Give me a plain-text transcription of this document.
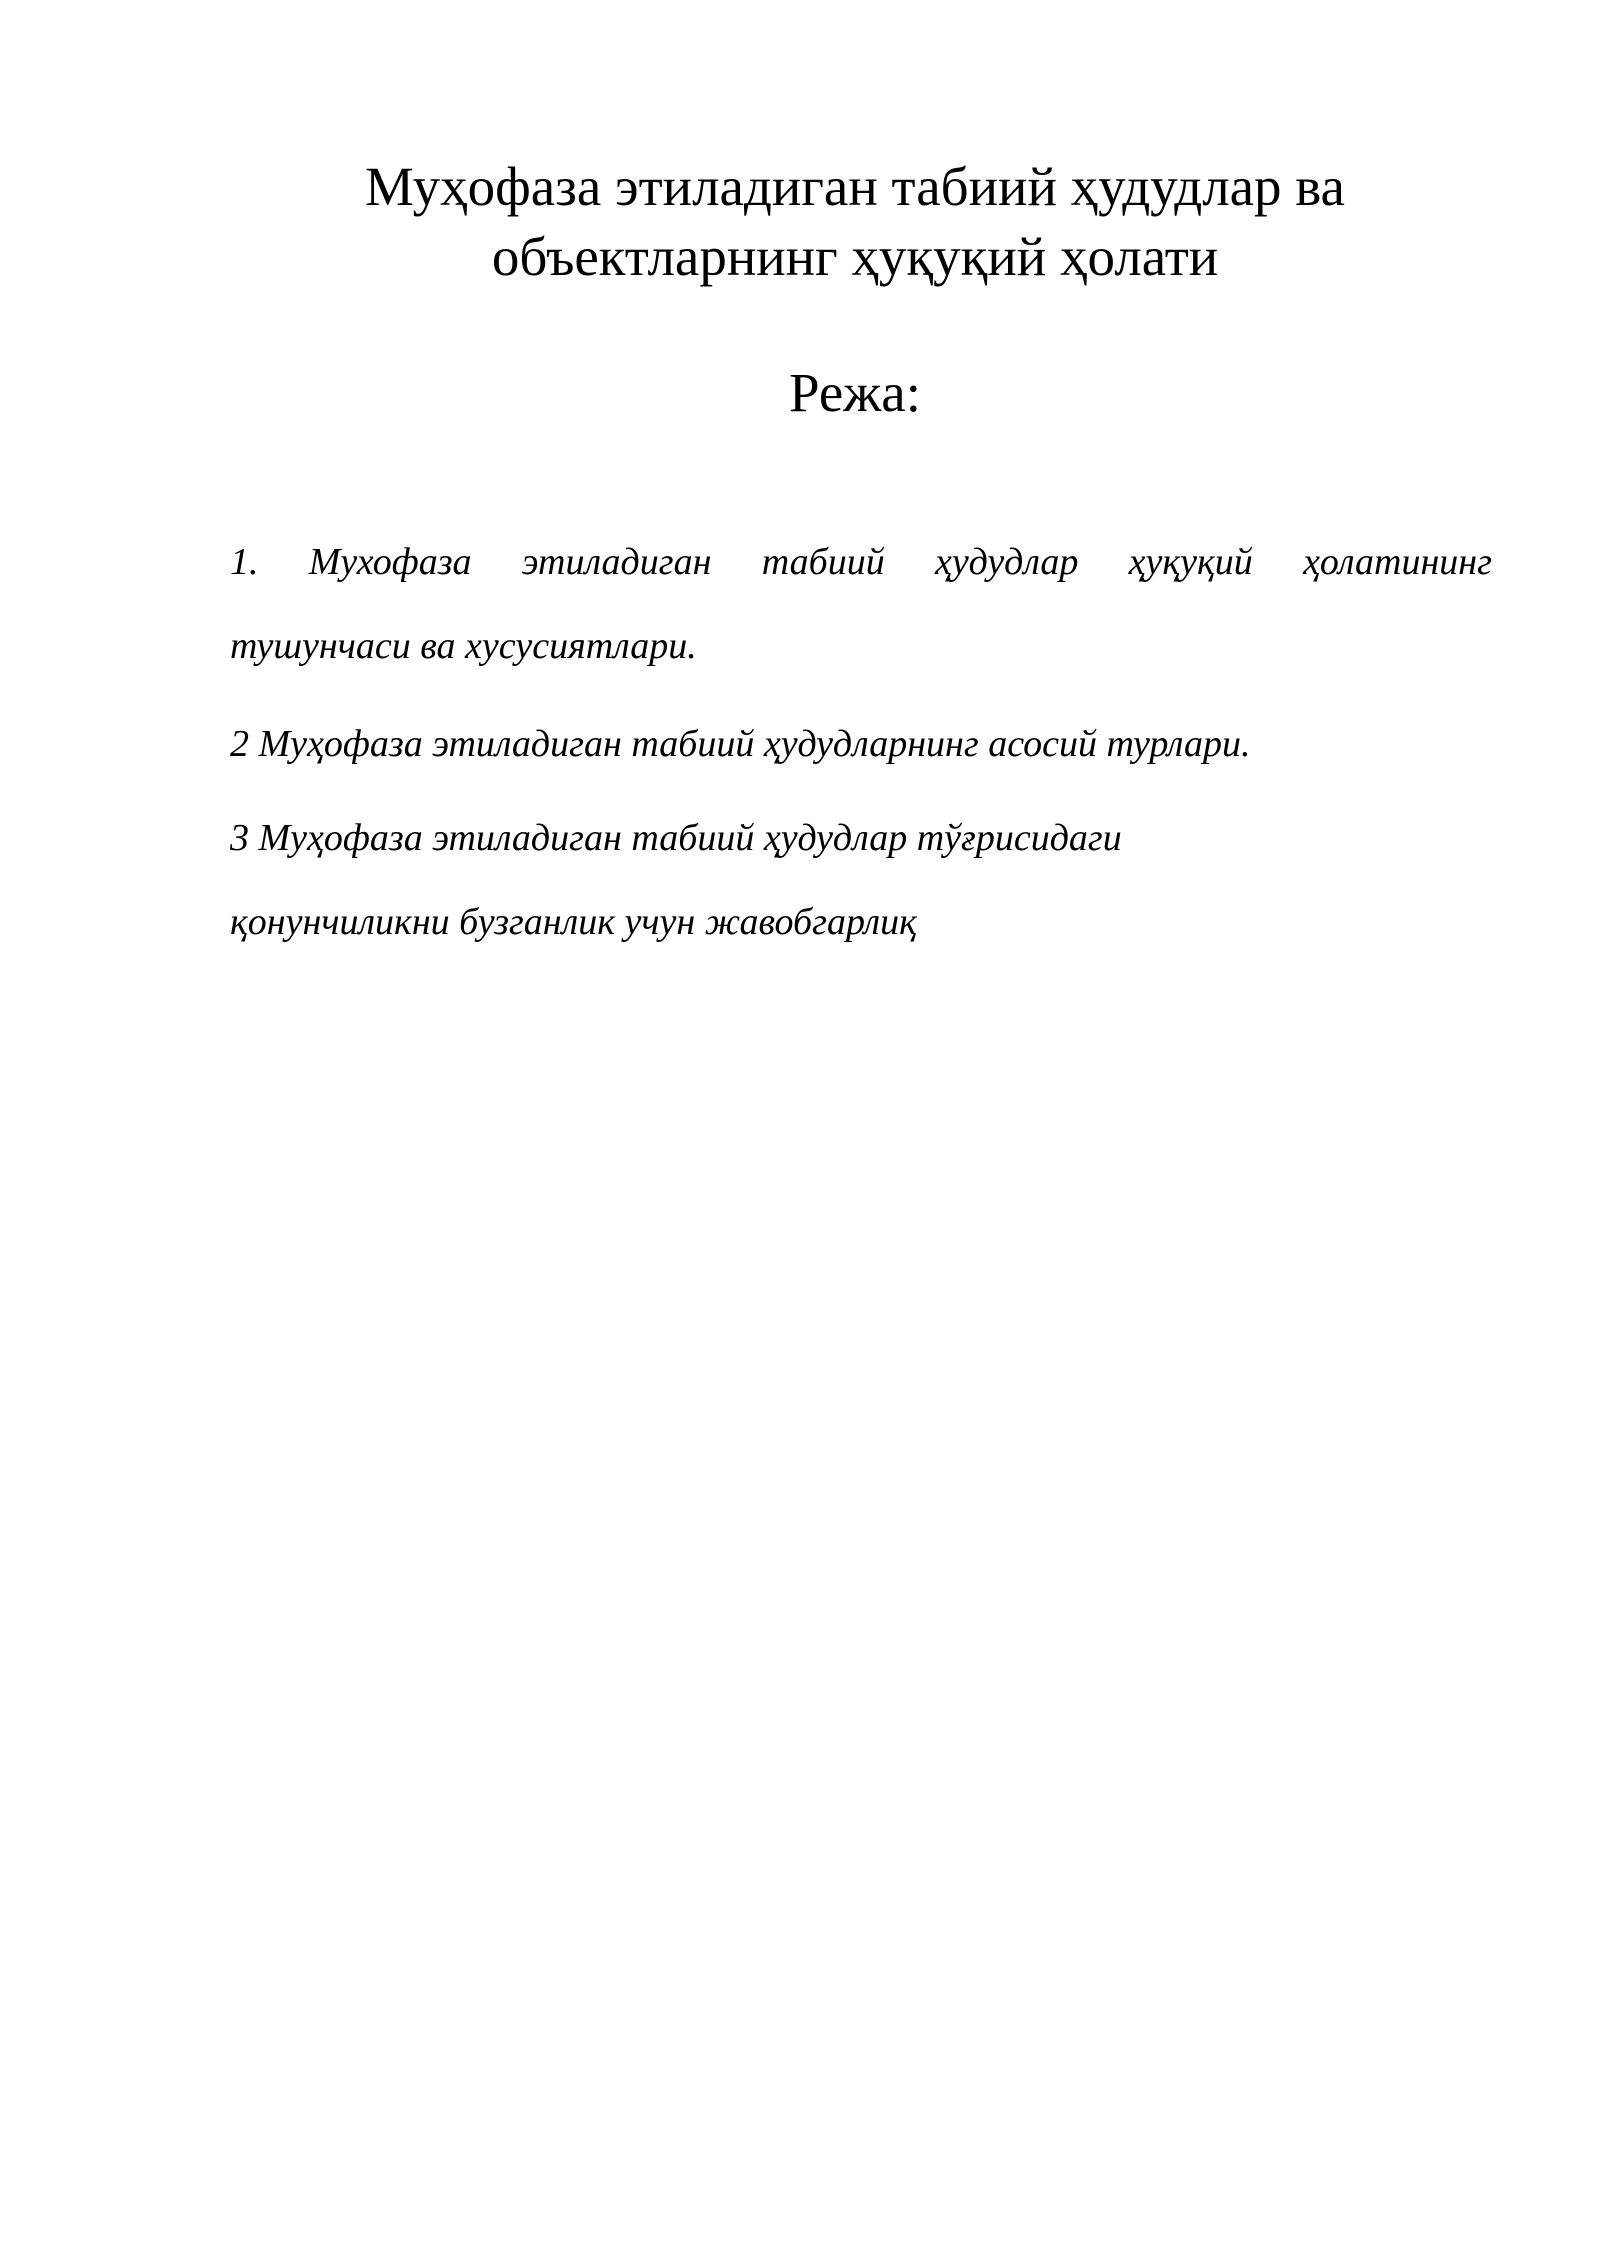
Муҳофаза этиладиган табиий ҳудудлар ва
объектларнинг ҳуқуқий ҳолати
Режа:
1. Мухофаза этиладиган табиий ҳудудлар ҳуқуқий ҳолатининг
тушунчаси ва хусусиятлари.
2 Муҳофаза этиладиган табиий ҳудудларнинг асосий турлари.
3 Муҳофаза этиладиган табиий ҳудудлар тўғрисидаги
қонунчиликни бузганлик учун жавобгарлиқ
